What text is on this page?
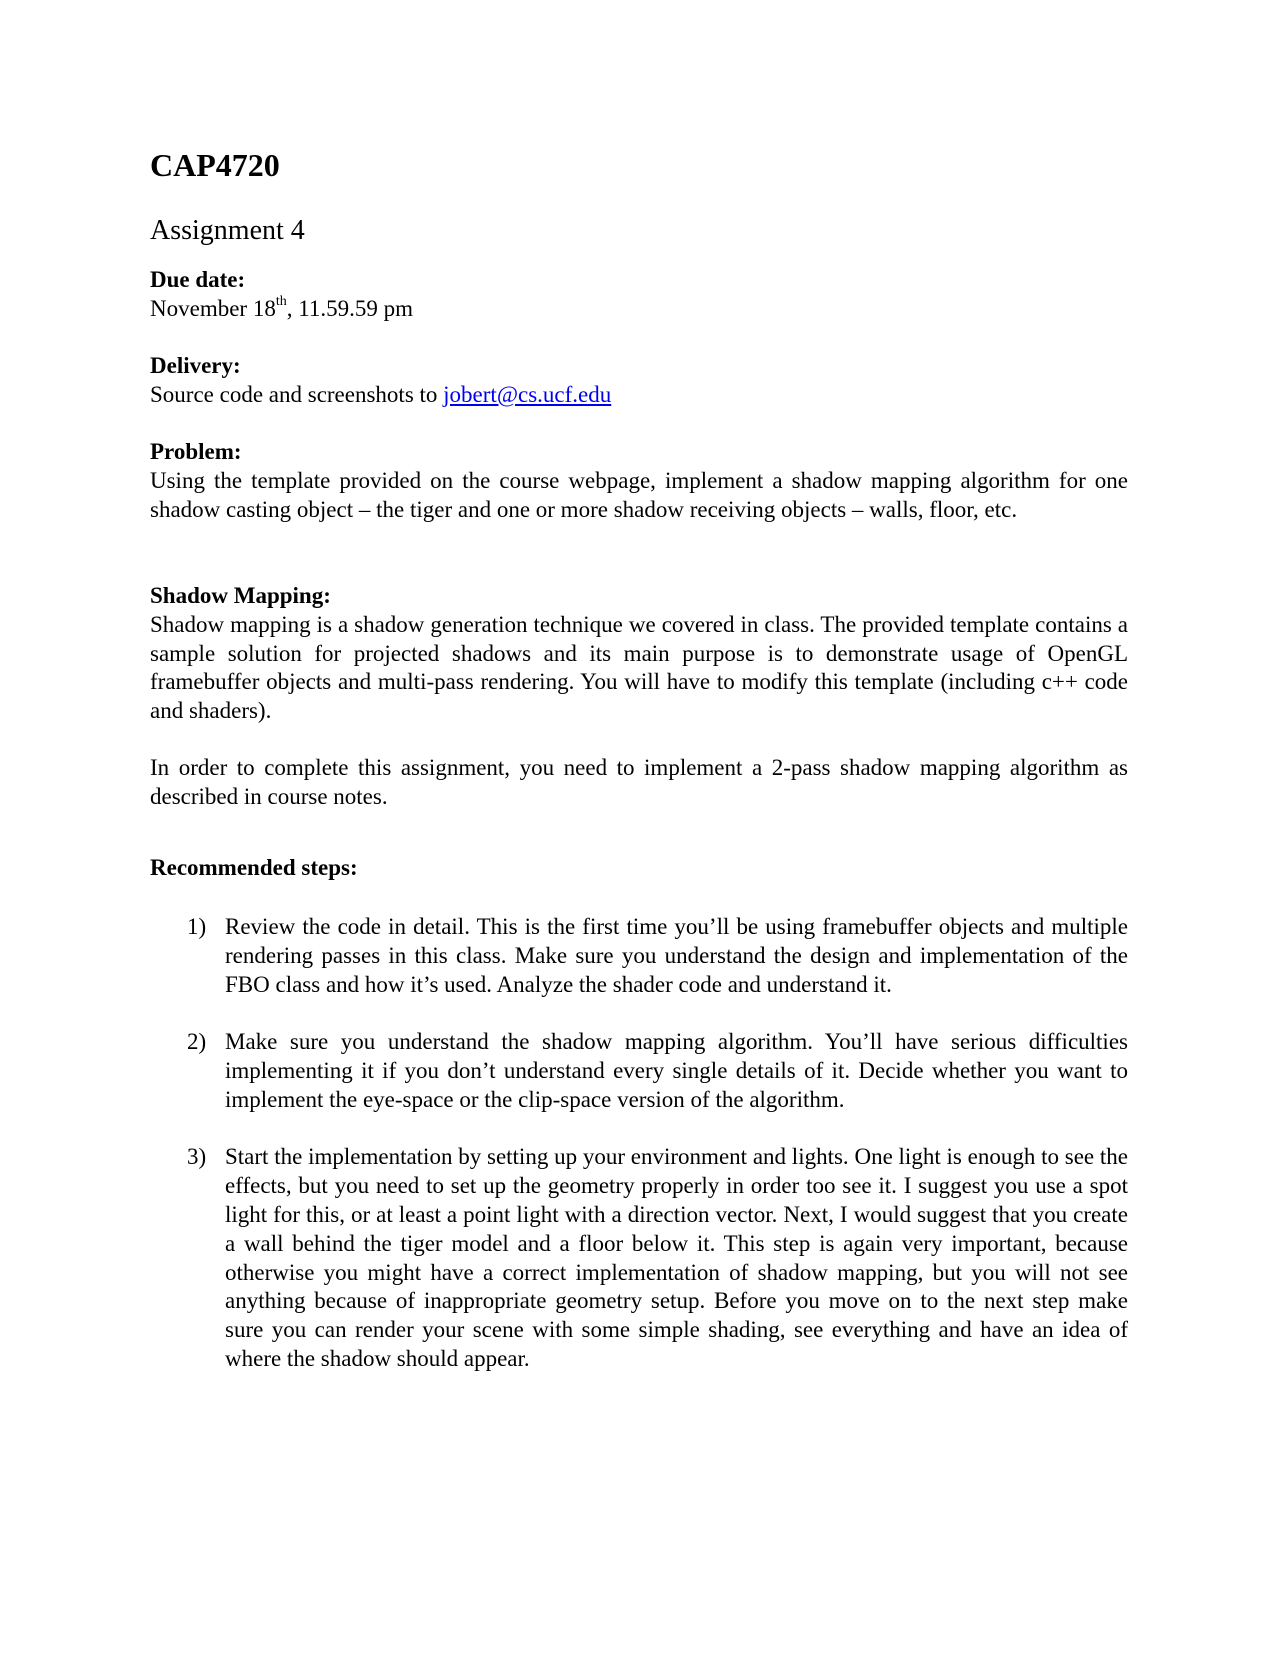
CAP4720
Assignment 4

Due date:

November 18th, 11.59.59 pm

Delivery:

Source code and screenshots to jobert@cs.ucf.edu

Problem:

Using the template provided on the course webpage, implement a shadow mapping algorithm for one shadow casting object – the tiger and one or more shadow receiving objects – walls, floor, etc.

Shadow Mapping:

Shadow mapping is a shadow generation technique we covered in class. The provided template contains a sample solution for projected shadows and its main purpose is to demonstrate usage of OpenGL framebuffer objects and multi-pass rendering. You will have to modify this template (including c++ code and shaders).

In order to complete this assignment, you need to implement a 2-pass shadow mapping algorithm as described in course notes.

Recommended steps:

1) Review the code in detail. This is the first time you’ll be using framebuffer objects and multiple rendering passes in this class. Make sure you understand the design and implementation of the FBO class and how it’s used. Analyze the shader code and understand it.
2) Make sure you understand the shadow mapping algorithm. You’ll have serious difficulties implementing it if you don’t understand every single details of it. Decide whether you want to implement the eye-space or the clip-space version of the algorithm.
3) Start the implementation by setting up your environment and lights. One light is enough to see the effects, but you need to set up the geometry properly in order too see it. I suggest you use a spot light for this, or at least a point light with a direction vector. Next, I would suggest that you create a wall behind the tiger model and a floor below it. This step is again very important, because otherwise you might have a correct implementation of shadow mapping, but you will not see anything because of inappropriate geometry setup. Before you move on to the next step make sure you can render your scene with some simple shading, see everything and have an idea of where the shadow should appear.
